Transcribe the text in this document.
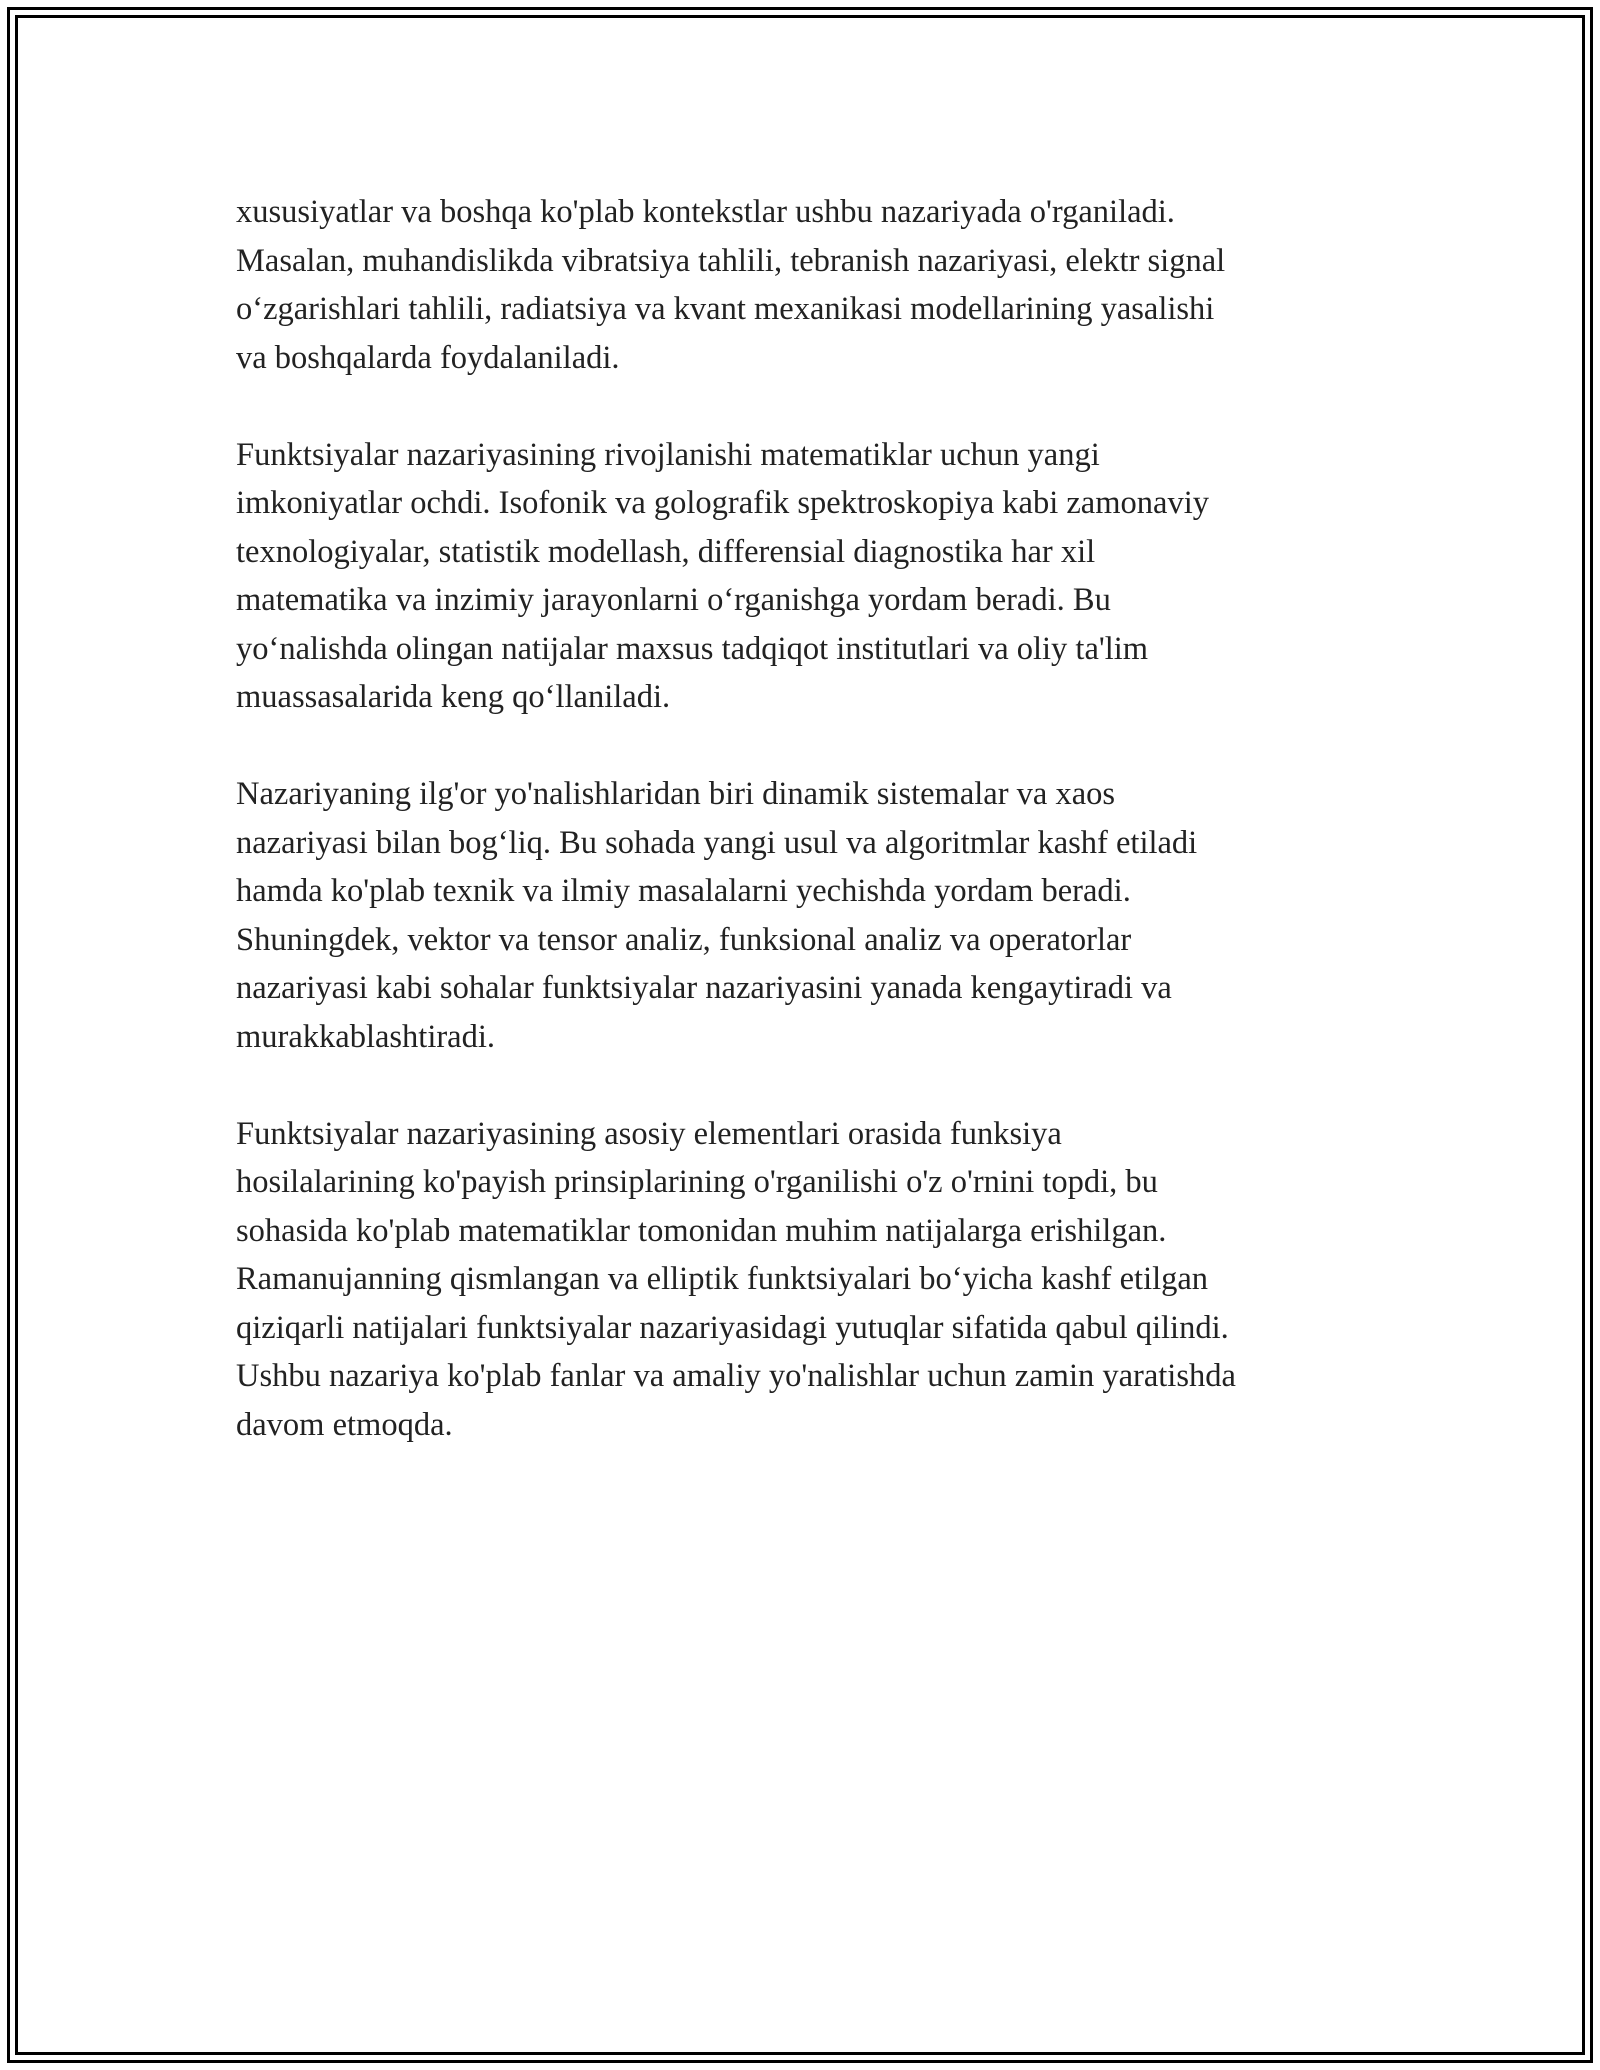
xususiyatlar va boshqa ko'plab kontekstlar ushbu nazariyada o'rganiladi.
Masalan, muhandislikda vibratsiya tahlili, tebranish nazariyasi, elektr signal
o‘zgarishlari tahlili, radiatsiya va kvant mexanikasi modellarining yasalishi
va boshqalarda foydalaniladi.
Funktsiyalar nazariyasining rivojlanishi matematiklar uchun yangi
imkoniyatlar ochdi. Isofonik va golografik spektroskopiya kabi zamonaviy
texnologiyalar, statistik modellash, differensial diagnostika har xil
matematika va inzimiy jarayonlarni o‘rganishga yordam beradi. Bu
yo‘nalishda olingan natijalar maxsus tadqiqot institutlari va oliy ta'lim
muassasalarida keng qo‘llaniladi.
Nazariyaning ilg'or yo'nalishlaridan biri dinamik sistemalar va xaos
nazariyasi bilan bog‘liq. Bu sohada yangi usul va algoritmlar kashf etiladi
hamda ko'plab texnik va ilmiy masalalarni yechishda yordam beradi.
Shuningdek, vektor va tensor analiz, funksional analiz va operatorlar
nazariyasi kabi sohalar funktsiyalar nazariyasini yanada kengaytiradi va
murakkablashtiradi.
Funktsiyalar nazariyasining asosiy elementlari orasida funksiya
hosilalarining ko'payish prinsiplarining o'rganilishi o'z o'rnini topdi, bu
sohasida ko'plab matematiklar tomonidan muhim natijalarga erishilgan.
Ramanujanning qismlangan va elliptik funktsiyalari bo‘yicha kashf etilgan
qiziqarli natijalari funktsiyalar nazariyasidagi yutuqlar sifatida qabul qilindi.
Ushbu nazariya ko'plab fanlar va amaliy yo'nalishlar uchun zamin yaratishda
davom etmoqda.
